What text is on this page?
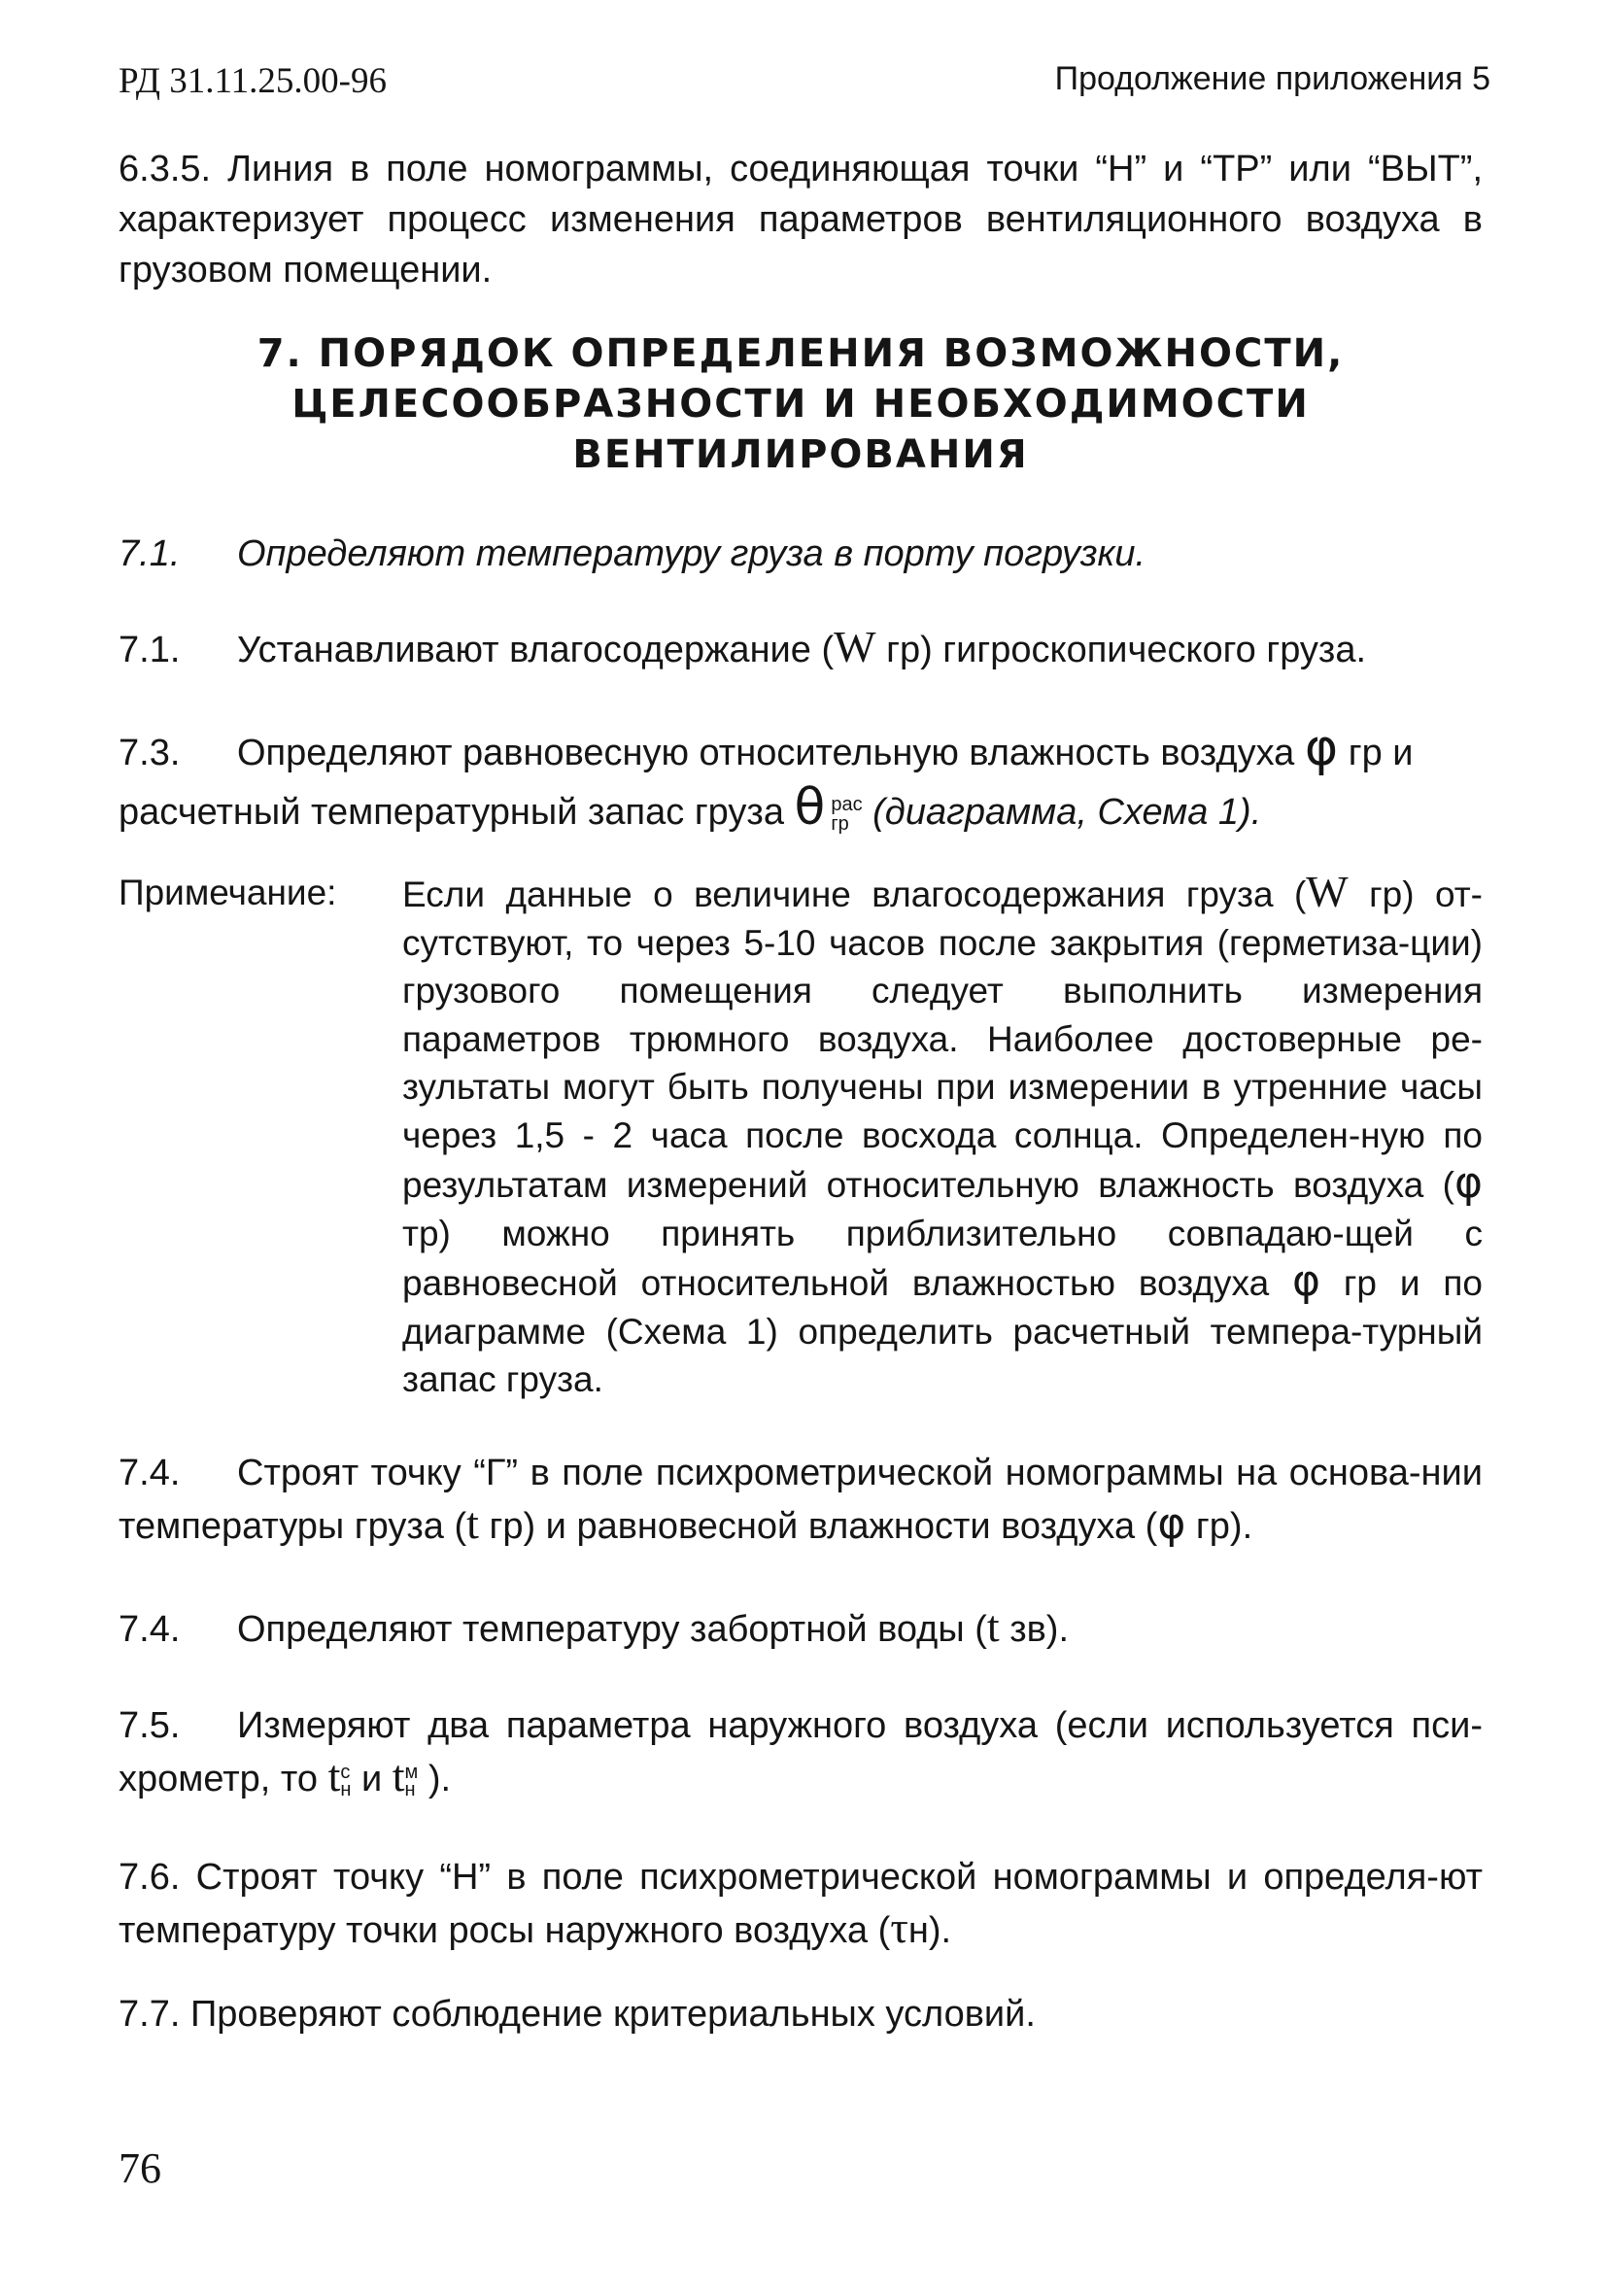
РД 31.11.25.00-96	Продолжение приложения 5
6.3.5. Линия в поле номограммы, соединяющая точки “Н” и “ТР” или “ВЫТ”, характеризует процесс изменения параметров вентиляционного воздуха в грузовом помещении.
7. ПОРЯДОК ОПРЕДЕЛЕНИЯ ВОЗМОЖНОСТИ,
ЦЕЛЕСООБРАЗНОСТИ И НЕОБХОДИМОСТИ
ВЕНТИЛИРОВАНИЯ
7.1. Определяют температуру груза в порту погрузки.
7.1. Устанавливают влагосодержание (W гр) гигроскопического груза.
7.3. Определяют равновесную относительную влажность воздуха φ гр и расчетный температурный запас груза θ рас
гр (диаграмма, Схема 1).
Примечание: Если данные о величине влагосодержания груза (W гр) от-сутствуют, то через 5-10 часов после закрытия (герметиза-ции) грузового помещения следует выполнить измерения параметров трюмного воздуха. Наиболее достоверные ре-зультаты могут быть получены при измерении в утренние часы через 1,5 - 2 часа после восхода солнца. Определен-ную по результатам измерений относительную влажность воздуха (φ тр) можно принять приблизительно совпадаю-щей с равновесной относительной влажностью воздуха φ гр и по диаграмме (Схема 1) определить расчетный темпера-турный запас груза.
7.4. Строят точку “Г” в поле психрометрической номограммы на основа-нии температуры груза (t гр) и равновесной влажности воздуха (φ гр).
7.4. Определяют температуру забортной воды (t зв).
7.5. Измеряют два параметра наружного воздуха (если используется пси-хрометр, то t с
н и t м
н ).
7.6. Строят точку “Н” в поле психрометрической номограммы и определя-ют температуру точки росы наружного воздуха (τн).
7.7. Проверяют соблюдение критериальных условий.
76
